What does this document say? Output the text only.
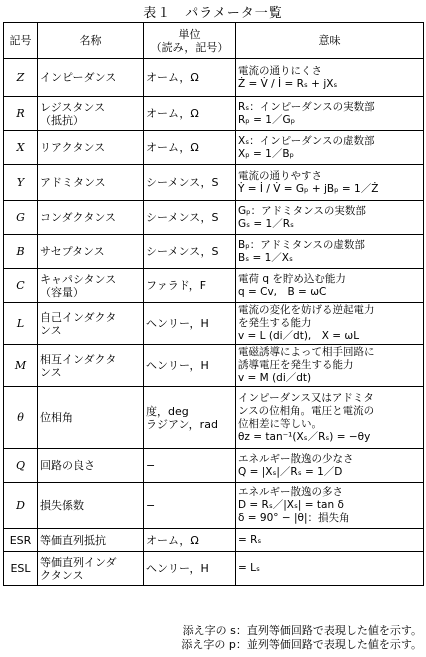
表１　パラメータ一覧
記号	名称	単位
（読み，記号）	意味
Z	インピーダンス	オーム，Ω	電流の通りにくさ
Ż = V̇ / İ = Rₛ + jXₛ

R	レジスタンス
（抵抗）	オーム，Ω	Rₛ：インピーダンスの実数部
Rₚ = 1／Gₚ

X	リアクタンス	オーム，Ω	Xₛ：インピーダンスの虚数部
Xₚ = 1／Bₚ

Y	アドミタンス	シーメンス，S	電流の通りやすさ
Ẏ = İ / V̇ = Gₚ + jBₚ = 1／Ż

G	コンダクタンス	シーメンス，S	Gₚ：アドミタンスの実数部
Gₛ = 1／Rₛ

B	サセプタンス	シーメンス，S	Bₚ：アドミタンスの虚数部
Bₛ = 1／Xₛ

C	キャパシタンス
（容量）	ファラド，F	電荷 q を貯め込む能力
q = Cv,　B = ωC

L	自己インダクタ
ンス	ヘンリー，H	電流の変化を妨げる逆起電力
を発生する能力
v = L (di／dt),　X = ωL

M	相互インダクタ
ンス	ヘンリー，H	電磁誘導によって相手回路に
誘導電圧を発生する能力
v = M (di／dt)

θ	位相角	度，deg
ラジアン，rad	インピーダンス又はアドミタ
ンスの位相角。電圧と電流の
位相差に等しい。
θz = tan⁻¹(Xₛ／Rₛ) = −θy

Q	回路の良さ	−	エネルギー散逸の少なさ
Q = |Xₛ|／Rₛ = 1／D

D	損失係数	−	エネルギー散逸の多さ
D = Rₛ／|Xₛ| = tan δ
δ = 90° − |θ|：損失角

ESR	等価直列抵抗	オーム，Ω	= Rₛ

ESL	等価直列インダ
クタンス	ヘンリー，H	= Lₛ
添え字の s：直列等価回路で表現した値を示す。
添え字の p：並列等価回路で表現した値を示す。
